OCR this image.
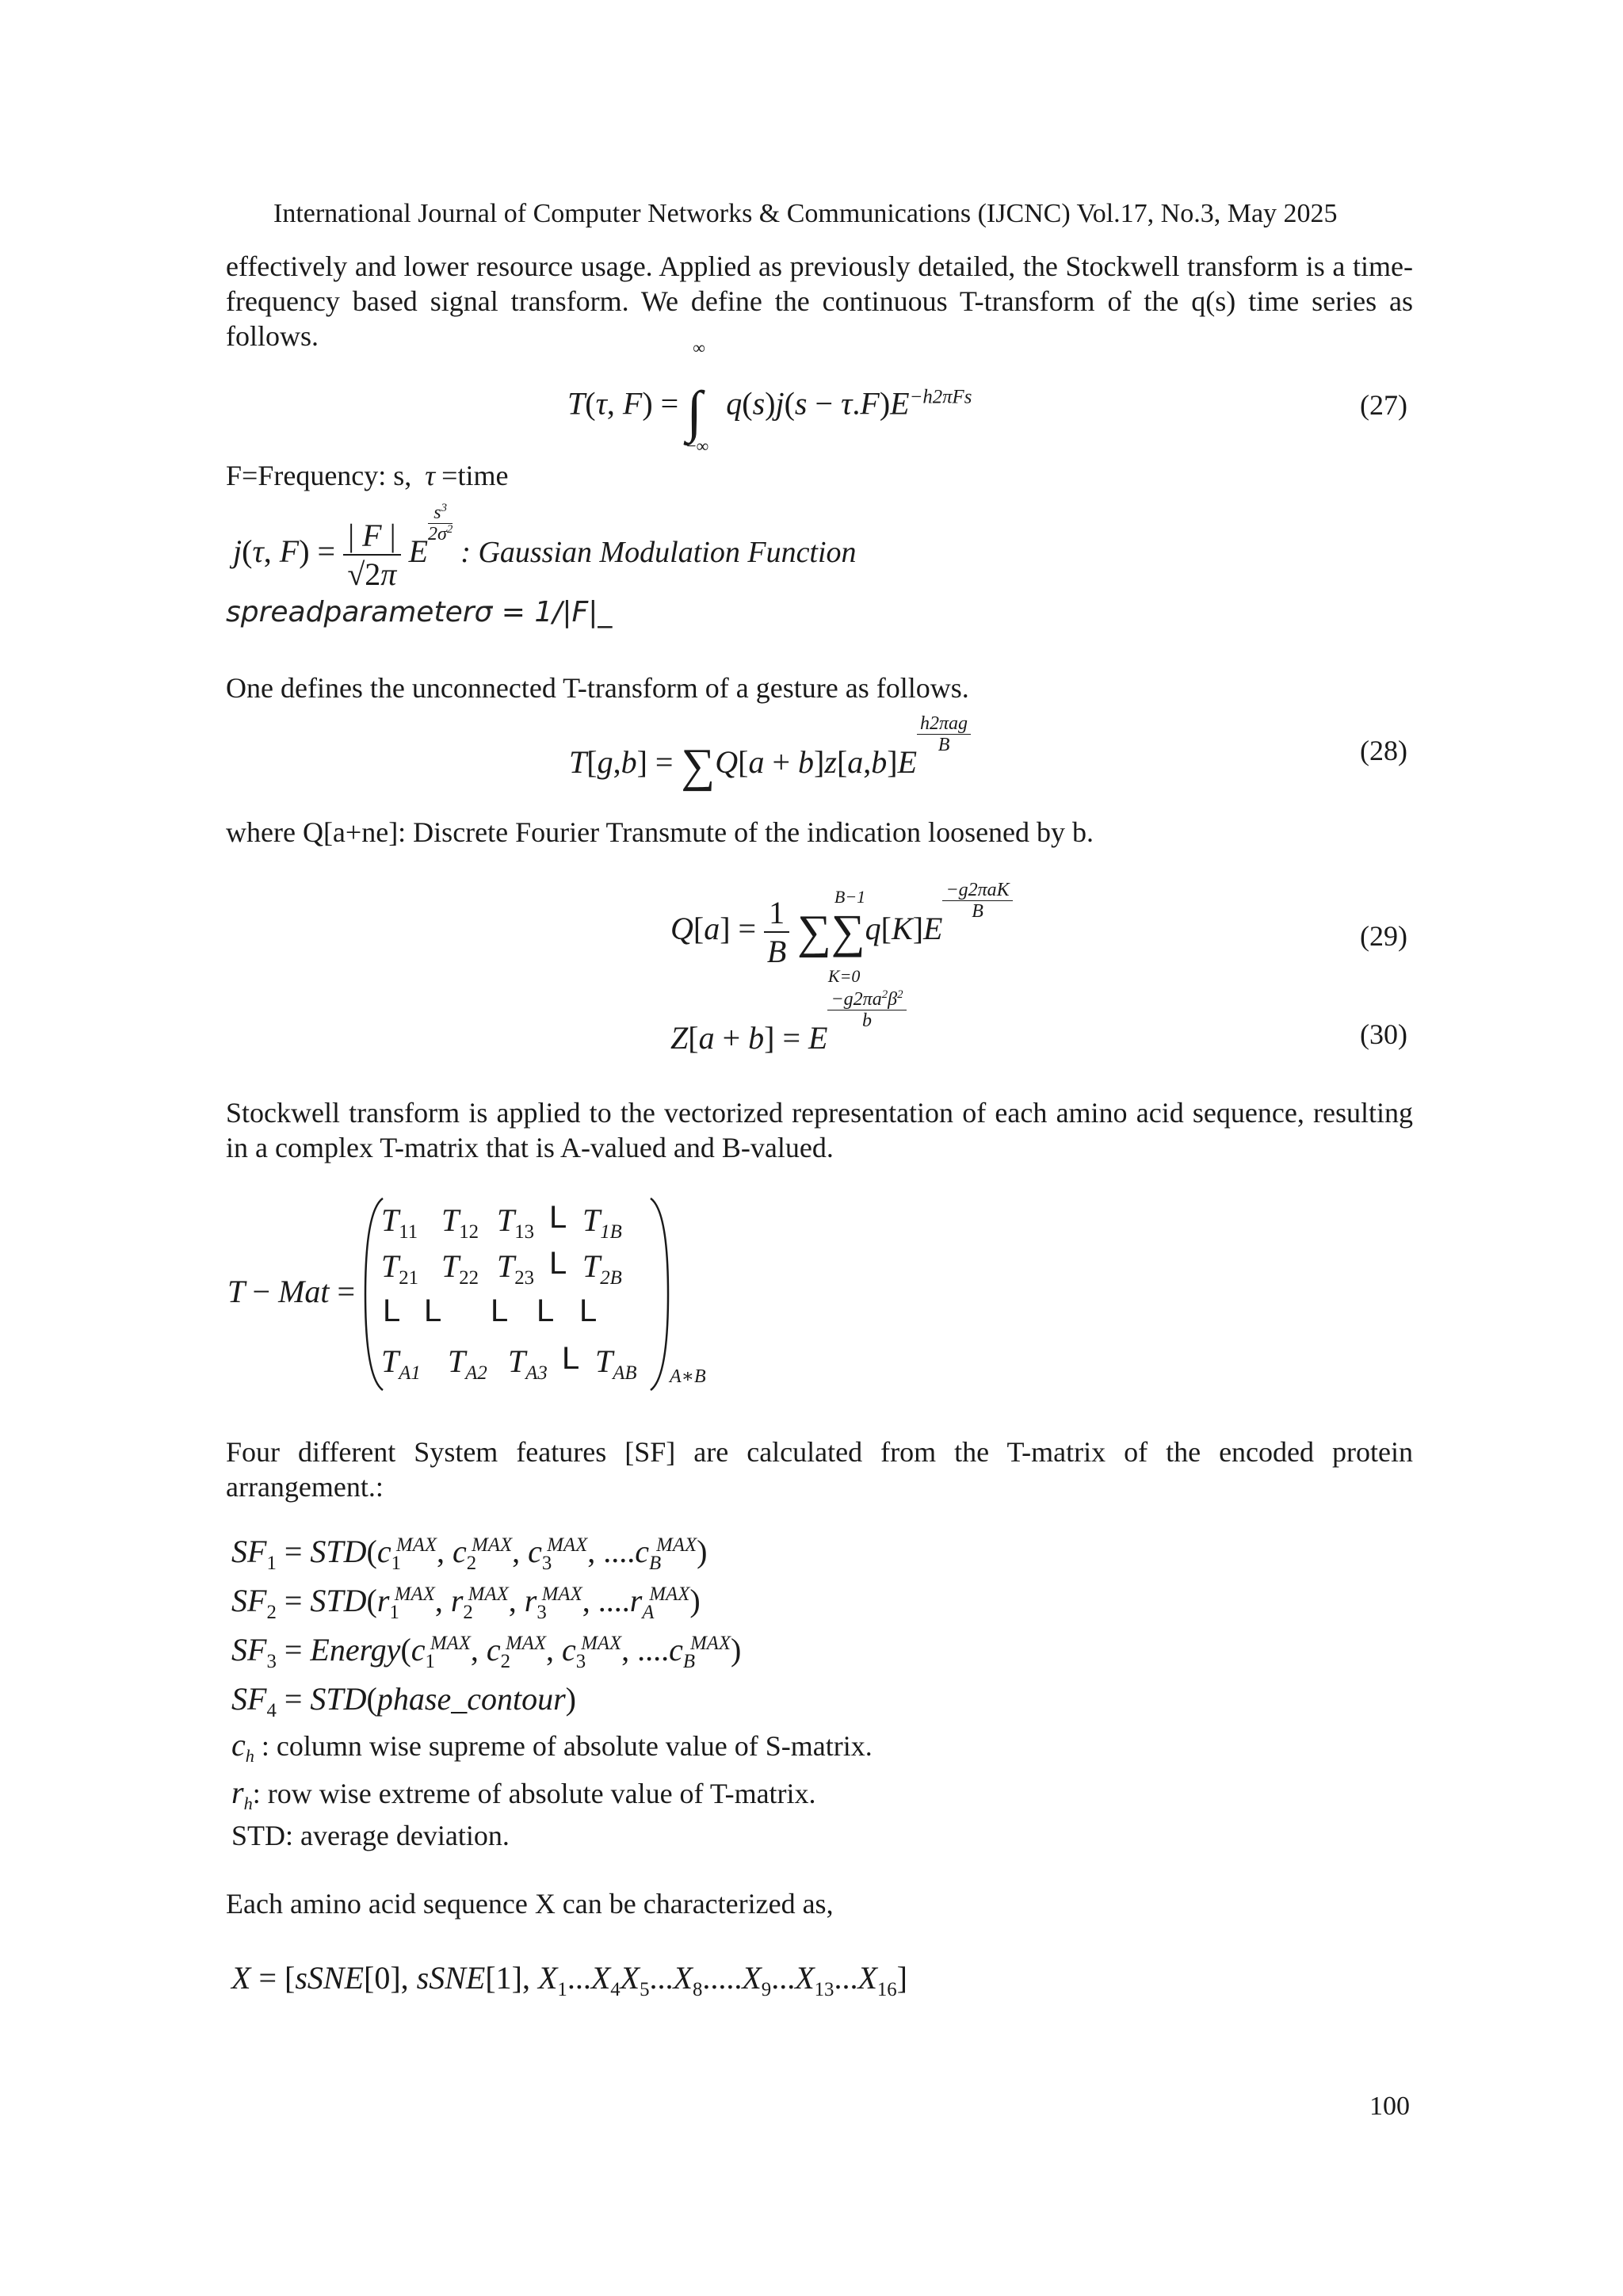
International Journal of Computer Networks & Communications (IJCNC) Vol.17, No.3, May 2025
effectively and lower resource usage. Applied as previously detailed, the Stockwell transform is a time-frequency based signal transform. We define the continuous T-transform of the q(s) time series as follows.
T(τ, F) = ∫
∞
−∞
$q(s)j(s - \tau.F)E^{-h2\pi Fs}$	(27)
F=Frequency: s, τ =time
j(τ, $F) = \frac{| F |}{√2\pi}$ E
$\frac{s^3}{2\sigma^2}$
: Gaussian Modulation Function
spreadparameterσ = 1/|F|_
One defines the unconnected T-transform of a gesture as follows.
T[g,b] = ∑Q[a + b]z[a,b]E
h2πag
B	(28)
where Q[a+ne]: Discrete Fourier Transmute of the indication loosened by b.
$Q[a] = \frac{1}{B}$ ∑∑
B−1
K=0
q[K]E
−g2πaK
B
(29)
Z[a + b] = E
$\frac{-g2\pi a^2\beta^2}{b}$
(30)
Stockwell transform is applied to the vectorized representation of each amino acid sequence, resulting in a complex T-matrix that is A-valued and B-valued.
T − Mat =
$T_{11}$ $T_{12}$ $T_{13}$ L $T_{1B}$
$T_{21}$ $T_{22}$ $T_{23}$ L $T_{2B}$
L L L L L
$T_{A1}$ $T_{A2}$ $T_{A3}$ L $T_{AB}$ A∗B
Four different System features [SF] are calculated from the T-matrix of the encoded protein arrangement.:
$SF_1 = STD(c_1^{MAX}$, $c_2^{MAX}$, $c_3^{MAX}$, $....c_B^{MAX}$)
$SF_2 = STD(r_1^{MAX}$, $r_2^{MAX}$, $r_3^{MAX}$, $....r_A^{MAX}$)
$SF_3$ = $Energy(c_1^{MAX}$, $c_2^{MAX}$, $c_3^{MAX}$, $....c_B^{MAX}$)
$SF_4$ = STD(phase_contour)
$c_h$ : column wise supreme of absolute value of S-matrix.
$r_h$: row wise extreme of absolute value of T-matrix.
STD: average deviation.
Each amino acid sequence X can be characterized as,
X = [sSNE[0], sSNE[1], $X_1...X_4X_5...X_8.....X_9...X_{13}...X_{16}$]
100
